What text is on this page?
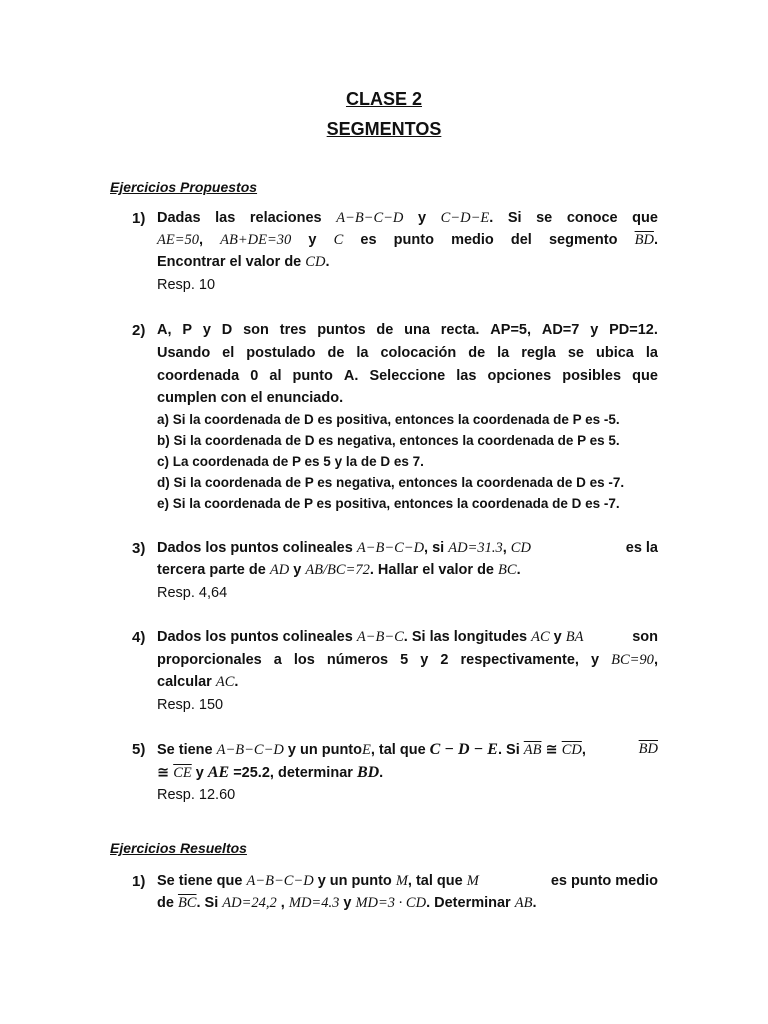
CLASE 2
SEGMENTOS
Ejercicios Propuestos
1) Dadas las relaciones A−B−C−D y C−D−E. Si se conoce que
AE=50, AB+DE=30 y C es punto medio del segmento $\overline{BD}$.
Encontrar el valor de CD.
Resp. 10
2) A, P y D son tres puntos de una recta. AP=5, AD=7 y PD=12.
Usando el postulado de la colocación de la regla se ubica la
coordenada 0 al punto A. Seleccione las opciones posibles que
cumplen con el enunciado.
a) Si la coordenada de D es positiva, entonces la coordenada de P es -5.
b) Si la coordenada de D es negativa, entonces la coordenada de P es 5.
c) La coordenada de P es 5 y la de D es 7.
d) Si la coordenada de P es negativa, entonces la coordenada de D es -7.
e) Si la coordenada de P es positiva, entonces la coordenada de D es -7.
3) Dados los puntos colineales A−B−C−D, si AD=31.3, CD	es la
tercera parte de AD y AB/BC=72. Hallar el valor de BC.
Resp. 4,64
4) Dados los puntos colineales A−B−C. Si las longitudes AC y BA	son
proporcionales a los números 5 y 2 respectivamente, y BC=90,
calcular AC.
Resp. 150
5) Se tiene A−B−C−D y un puntoE, tal que C − D − E. Si $\overline{AB}$ ≅ $\overline{CD}$,	$\overline{BD}$
≅ $\overline{CE}$ y AE =25.2, determinar BD.
Resp. 12.60
Ejercicios Resueltos
1) Se tiene que A−B−C−D y un punto M, tal que M	es punto medio
de $\overline{BC}$. Si AD=24,2 , MD=4.3 y MD=3 · CD. Determinar AB.
